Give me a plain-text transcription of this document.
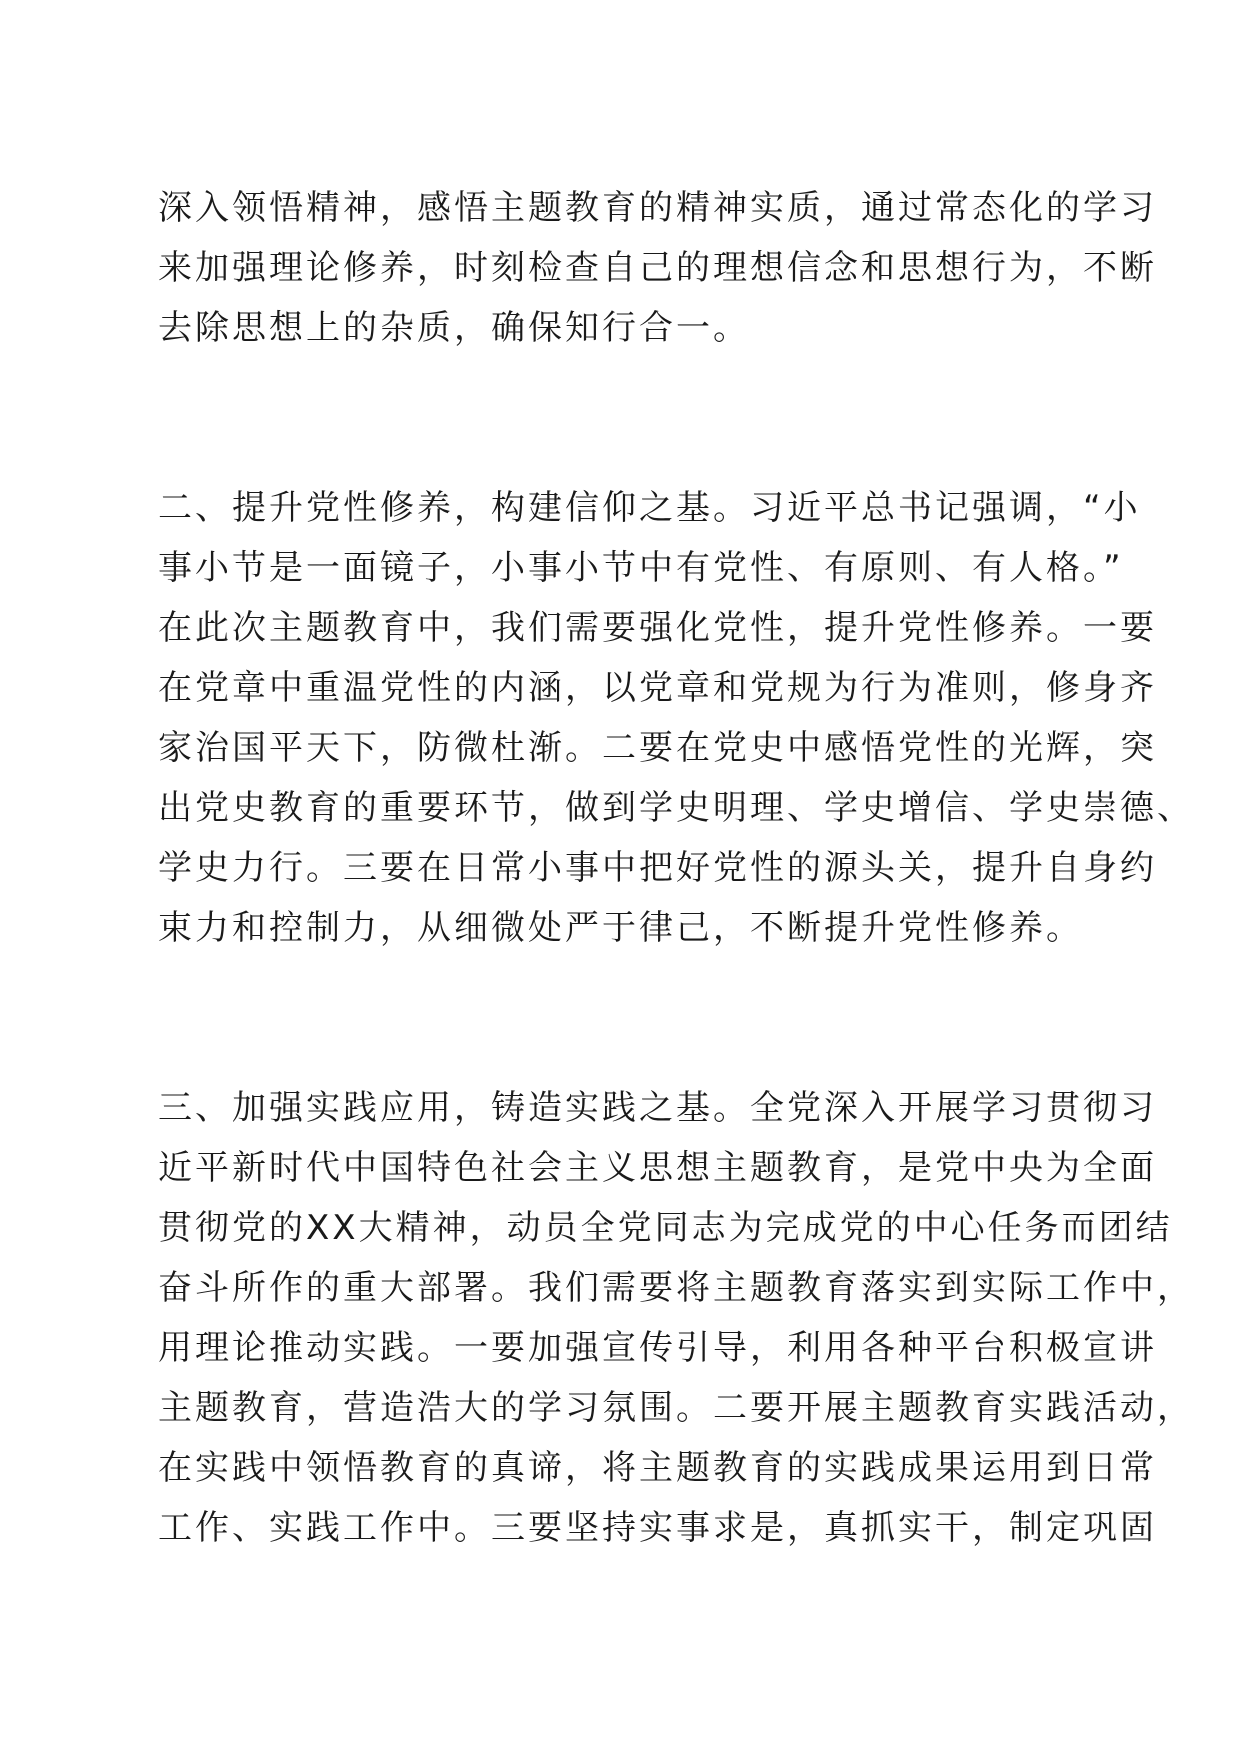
深入领悟精神，感悟主题教育的精神实质，通过常态化的学习
来加强理论修养，时刻检查自己的理想信念和思想行为，不断
去除思想上的杂质，确保知行合一。
二、提升党性修养，构建信仰之基。习近平总书记强调，“小
事小节是一面镜子，小事小节中有党性、有原则、有人格。”
在此次主题教育中，我们需要强化党性，提升党性修养。一要
在党章中重温党性的内涵，以党章和党规为行为准则，修身齐
家治国平天下，防微杜渐。二要在党史中感悟党性的光辉，突
出党史教育的重要环节，做到学史明理、学史增信、学史崇德、
学史力行。三要在日常小事中把好党性的源头关，提升自身约
束力和控制力，从细微处严于律己，不断提升党性修养。
三、加强实践应用，铸造实践之基。全党深入开展学习贯彻习
近平新时代中国特色社会主义思想主题教育，是党中央为全面
贯彻党的XX大精神，动员全党同志为完成党的中心任务而团结
奋斗所作的重大部署。我们需要将主题教育落实到实际工作中，
用理论推动实践。一要加强宣传引导，利用各种平台积极宣讲
主题教育，营造浩大的学习氛围。二要开展主题教育实践活动，
在实践中领悟教育的真谛，将主题教育的实践成果运用到日常
工作、实践工作中。三要坚持实事求是，真抓实干，制定巩固
